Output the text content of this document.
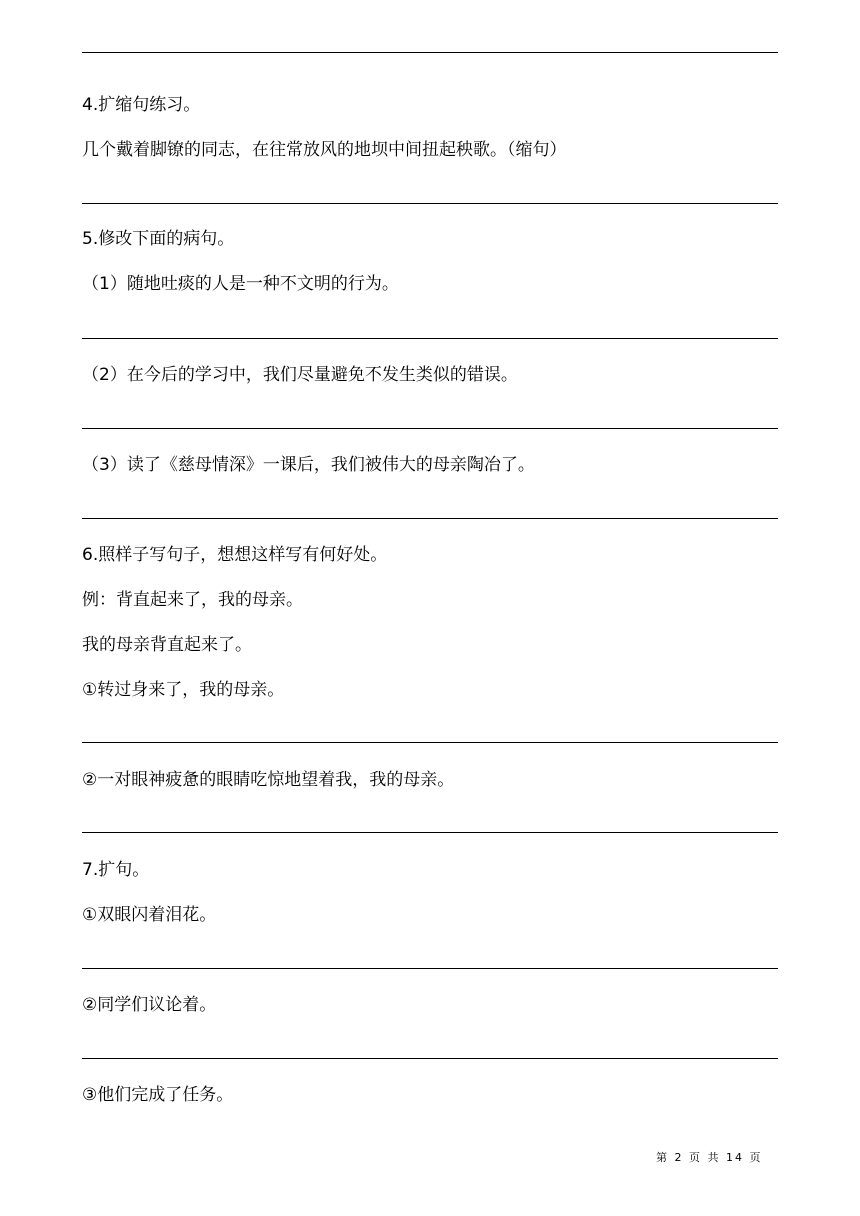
4.扩缩句练习。
几个戴着脚镣的同志，在往常放风的地坝中间扭起秧歌。（缩句）
5.修改下面的病句。
（1）随地吐痰的人是一种不文明的行为。
（2）在今后的学习中，我们尽量避免不发生类似的错误。
（3）读了《慈母情深》一课后，我们被伟大的母亲陶冶了。
6.照样子写句子，想想这样写有何好处。
例：背直起来了，我的母亲。
我的母亲背直起来了。
①转过身来了，我的母亲。
②一对眼神疲惫的眼睛吃惊地望着我，我的母亲。
7.扩句。
①双眼闪着泪花。
②同学们议论着。
③他们完成了任务。
第 2 页 共 14 页
